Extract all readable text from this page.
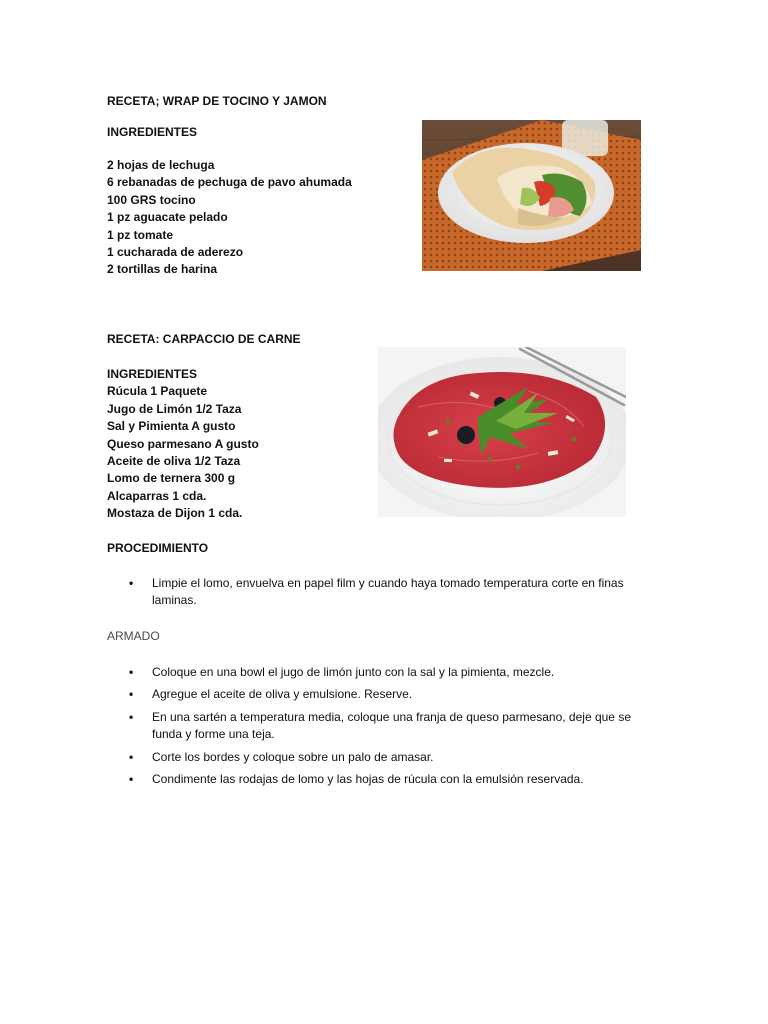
RECETA; WRAP DE TOCINO Y JAMON
INGREDIENTES
2 hojas de lechuga
6 rebanadas de pechuga de pavo ahumada
100 GRS tocino
1 pz aguacate pelado
1 pz tomate
1 cucharada de aderezo
2 tortillas de harina
RECETA: CARPACCIO DE CARNE
INGREDIENTES
Rúcula 1 Paquete
Jugo de Limón 1/2 Taza
Sal y Pimienta A gusto
Queso parmesano A gusto
Aceite de oliva 1/2 Taza
Lomo de ternera 300 g
Alcaparras 1 cda.
Mostaza de Dijon 1 cda.
PROCEDIMIENTO
• Limpie el lomo, envuelva en papel film y cuando haya tomado temperatura corte en finas
laminas.
ARMADO
• Coloque en una bowl el jugo de limón junto con la sal y la pimienta, mezcle.
• Agregue el aceite de oliva y emulsione. Reserve.
• En una sartén a temperatura media, coloque una franja de queso parmesano, deje que se
funda y forme una teja.
• Corte los bordes y coloque sobre un palo de amasar.
• Condimente las rodajas de lomo y las hojas de rúcula con la emulsión reservada.
